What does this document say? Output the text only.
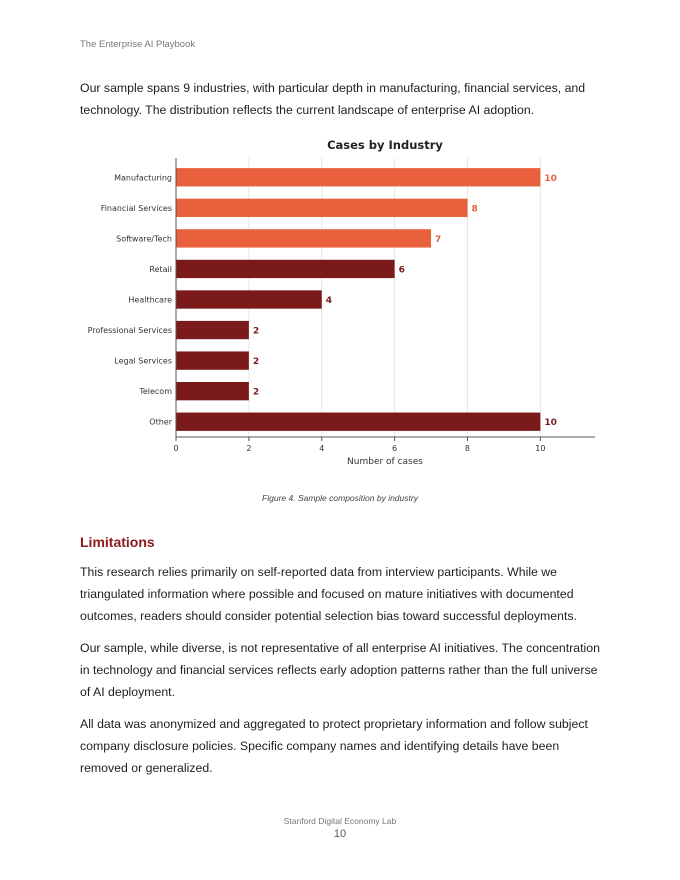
The Enterprise AI Playbook

Our sample spans 9 industries, with particular depth in manufacturing, financial services, and technology. The distribution reflects the current landscape of enterprise AI adoption.

Cases by Industry
Number of cases
10
8
7
6
4
2
2
2
10
0	2	4	6	8	10
Manufacturing
Financial Services
Software/Tech
Retail
Healthcare
Professional Services
Legal Services
Telecom
Other
Figure 4. Sample composition by industry
Limitations

This research relies primarily on self-reported data from interview participants. While we triangulated information where possible and focused on mature initiatives with documented outcomes, readers should consider potential selection bias toward successful deployments.

Our sample, while diverse, is not representative of all enterprise AI initiatives. The concentration in technology and financial services reflects early adoption patterns rather than the full universe of AI deployment.

All data was anonymized and aggregated to protect proprietary information and follow subject company disclosure policies. Specific company names and identifying details have been removed or generalized.

Stanford Digital Economy Lab
10
